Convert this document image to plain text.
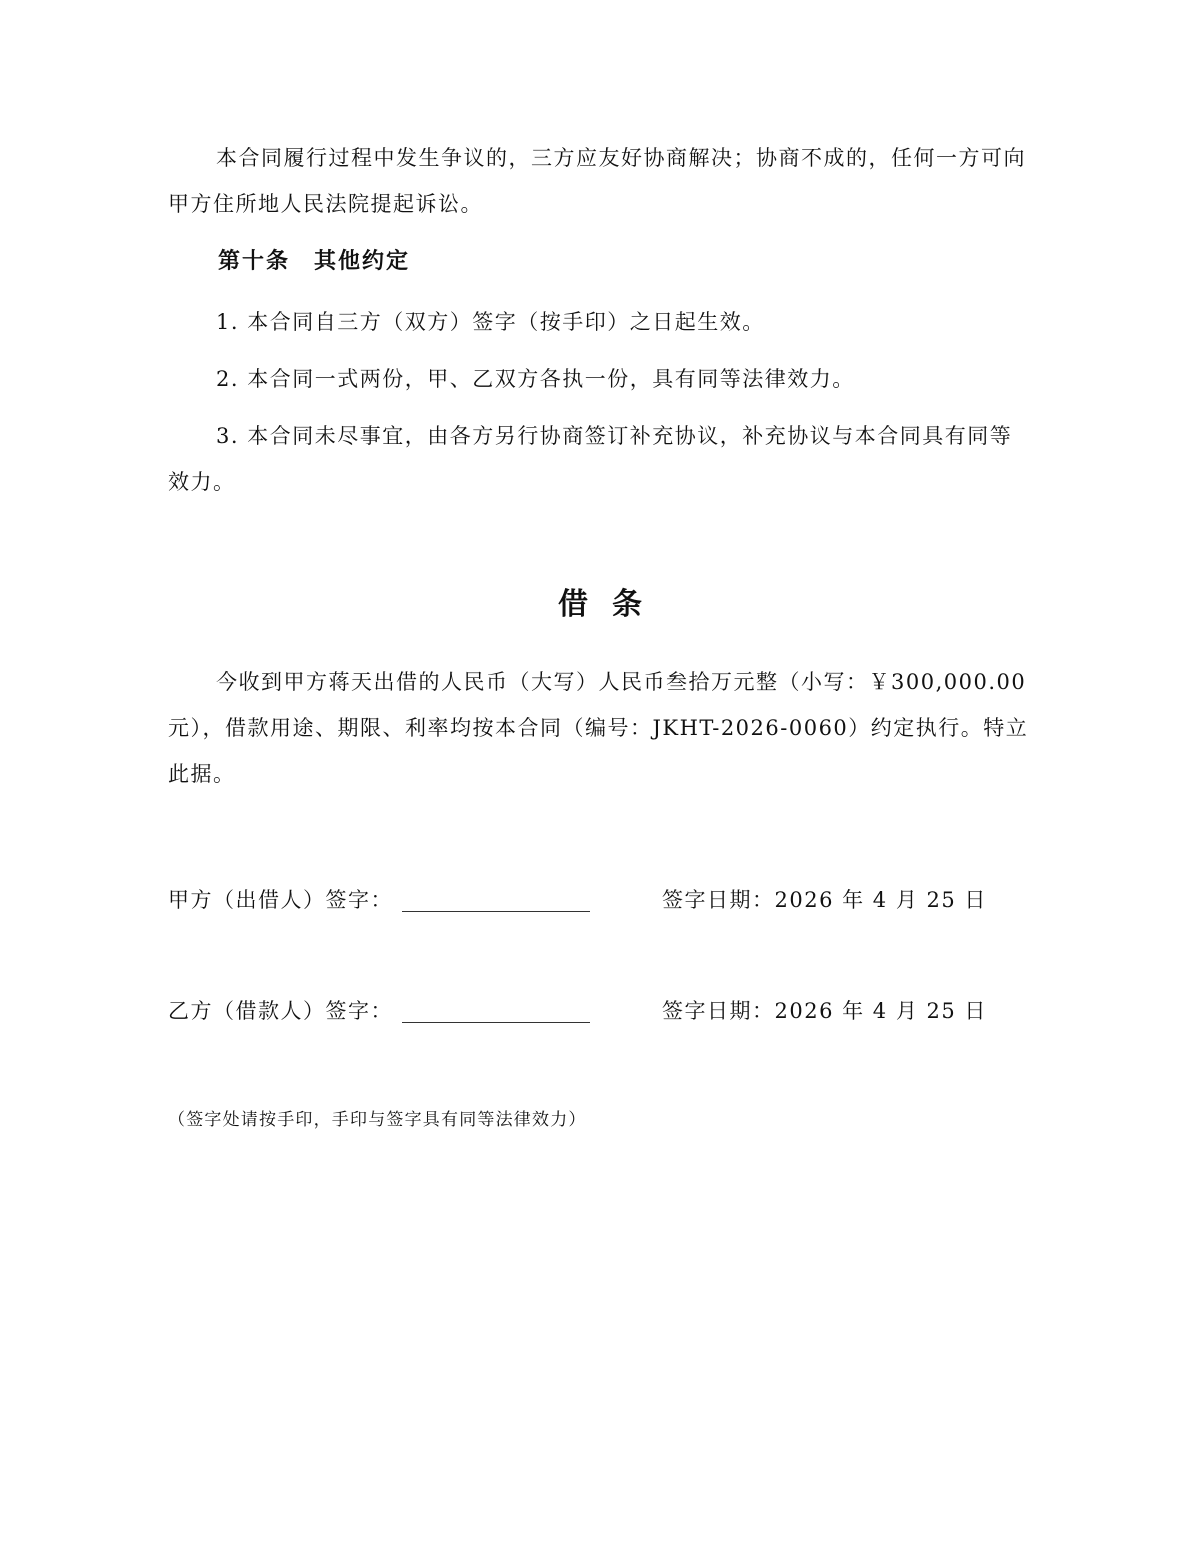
本合同履行过程中发生争议的，三方应友好协商解决；协商不成的，任何一方可向甲方住所地人民法院提起诉讼。

第十条　其他约定

1. 本合同自三方（双方）签字（按手印）之日起生效。

2. 本合同一式两份，甲、乙双方各执一份，具有同等法律效力。

3. 本合同未尽事宜，由各方另行协商签订补充协议，补充协议与本合同具有同等效力。

借条

今收到甲方蒋天出借的人民币（大写）人民币叁拾万元整（小写：￥300,000.00元），借款用途、期限、利率均按本合同（编号：JKHT-2026-0060）约定执行。特立此据。

甲方（出借人）签字：	签字日期：2026 年 4 月 25 日
乙方（借款人）签字：	签字日期：2026 年 4 月 25 日

（签字处请按手印，手印与签字具有同等法律效力）
